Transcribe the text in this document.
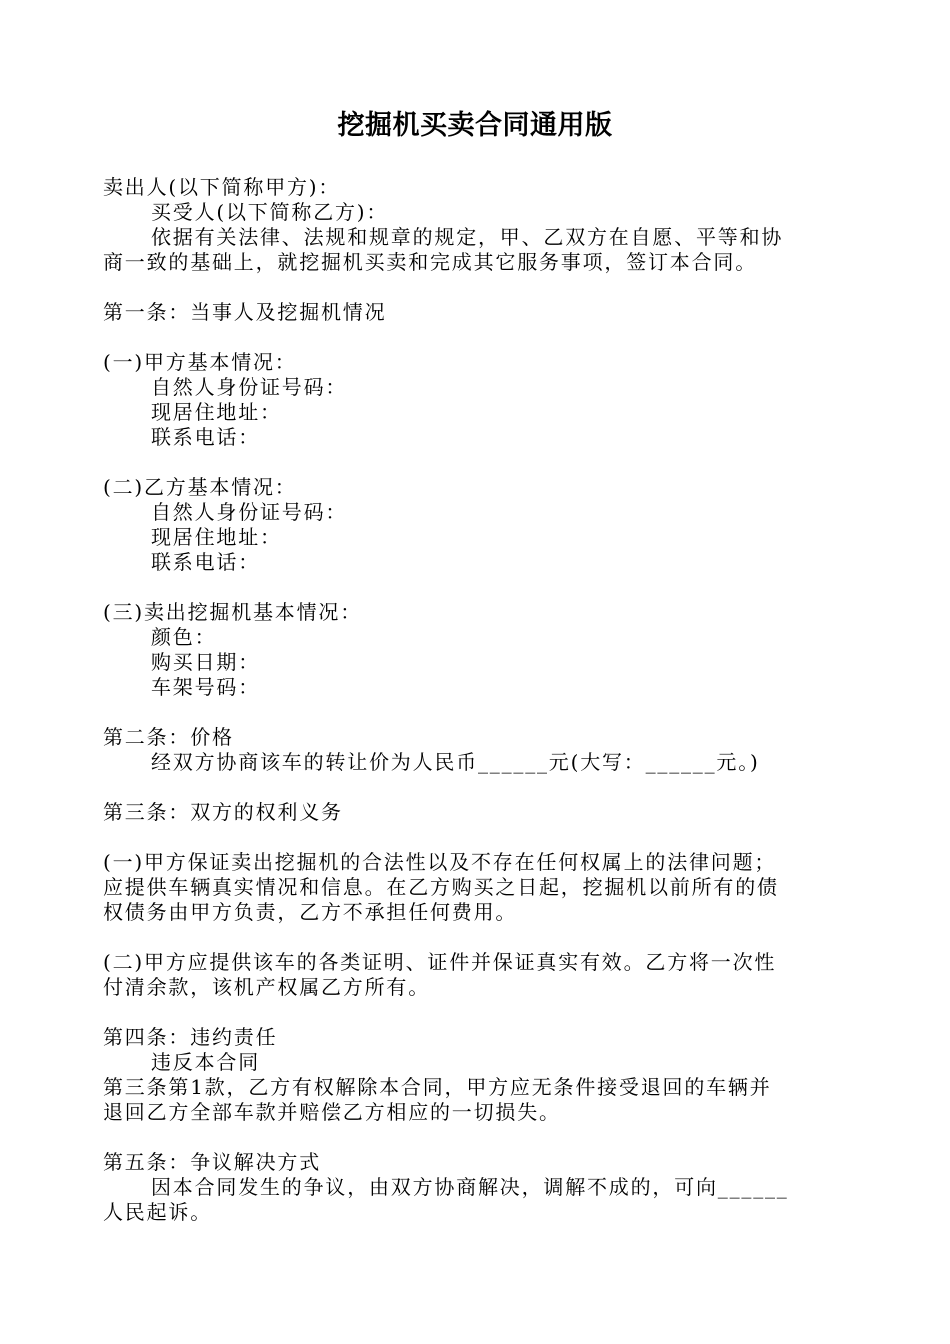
挖掘机买卖合同通用版

卖出人(以下简称甲方)：

买受人(以下简称乙方)：

依据有关法律、法规和规章的规定，甲、乙双方在自愿、平等和协

商一致的基础上，就挖掘机买卖和完成其它服务事项，签订本合同。

第一条：当事人及挖掘机情况

(一)甲方基本情况：

自然人身份证号码：

现居住地址：

联系电话：

(二)乙方基本情况：

自然人身份证号码：

现居住地址：

联系电话：

(三)卖出挖掘机基本情况：

颜色：

购买日期：

车架号码：

第二条：价格

经双方协商该车的转让价为人民币______元(大写：______元。)

第三条：双方的权利义务

(一)甲方保证卖出挖掘机的合法性以及不存在任何权属上的法律问题；

应提供车辆真实情况和信息。在乙方购买之日起，挖掘机以前所有的债

权债务由甲方负责，乙方不承担任何费用。

(二)甲方应提供该车的各类证明、证件并保证真实有效。乙方将一次性

付清余款，该机产权属乙方所有。

第四条：违约责任

违反本合同

第三条第1款，乙方有权解除本合同，甲方应无条件接受退回的车辆并

退回乙方全部车款并赔偿乙方相应的一切损失。

第五条：争议解决方式

因本合同发生的争议，由双方协商解决，调解不成的，可向______

人民起诉。
